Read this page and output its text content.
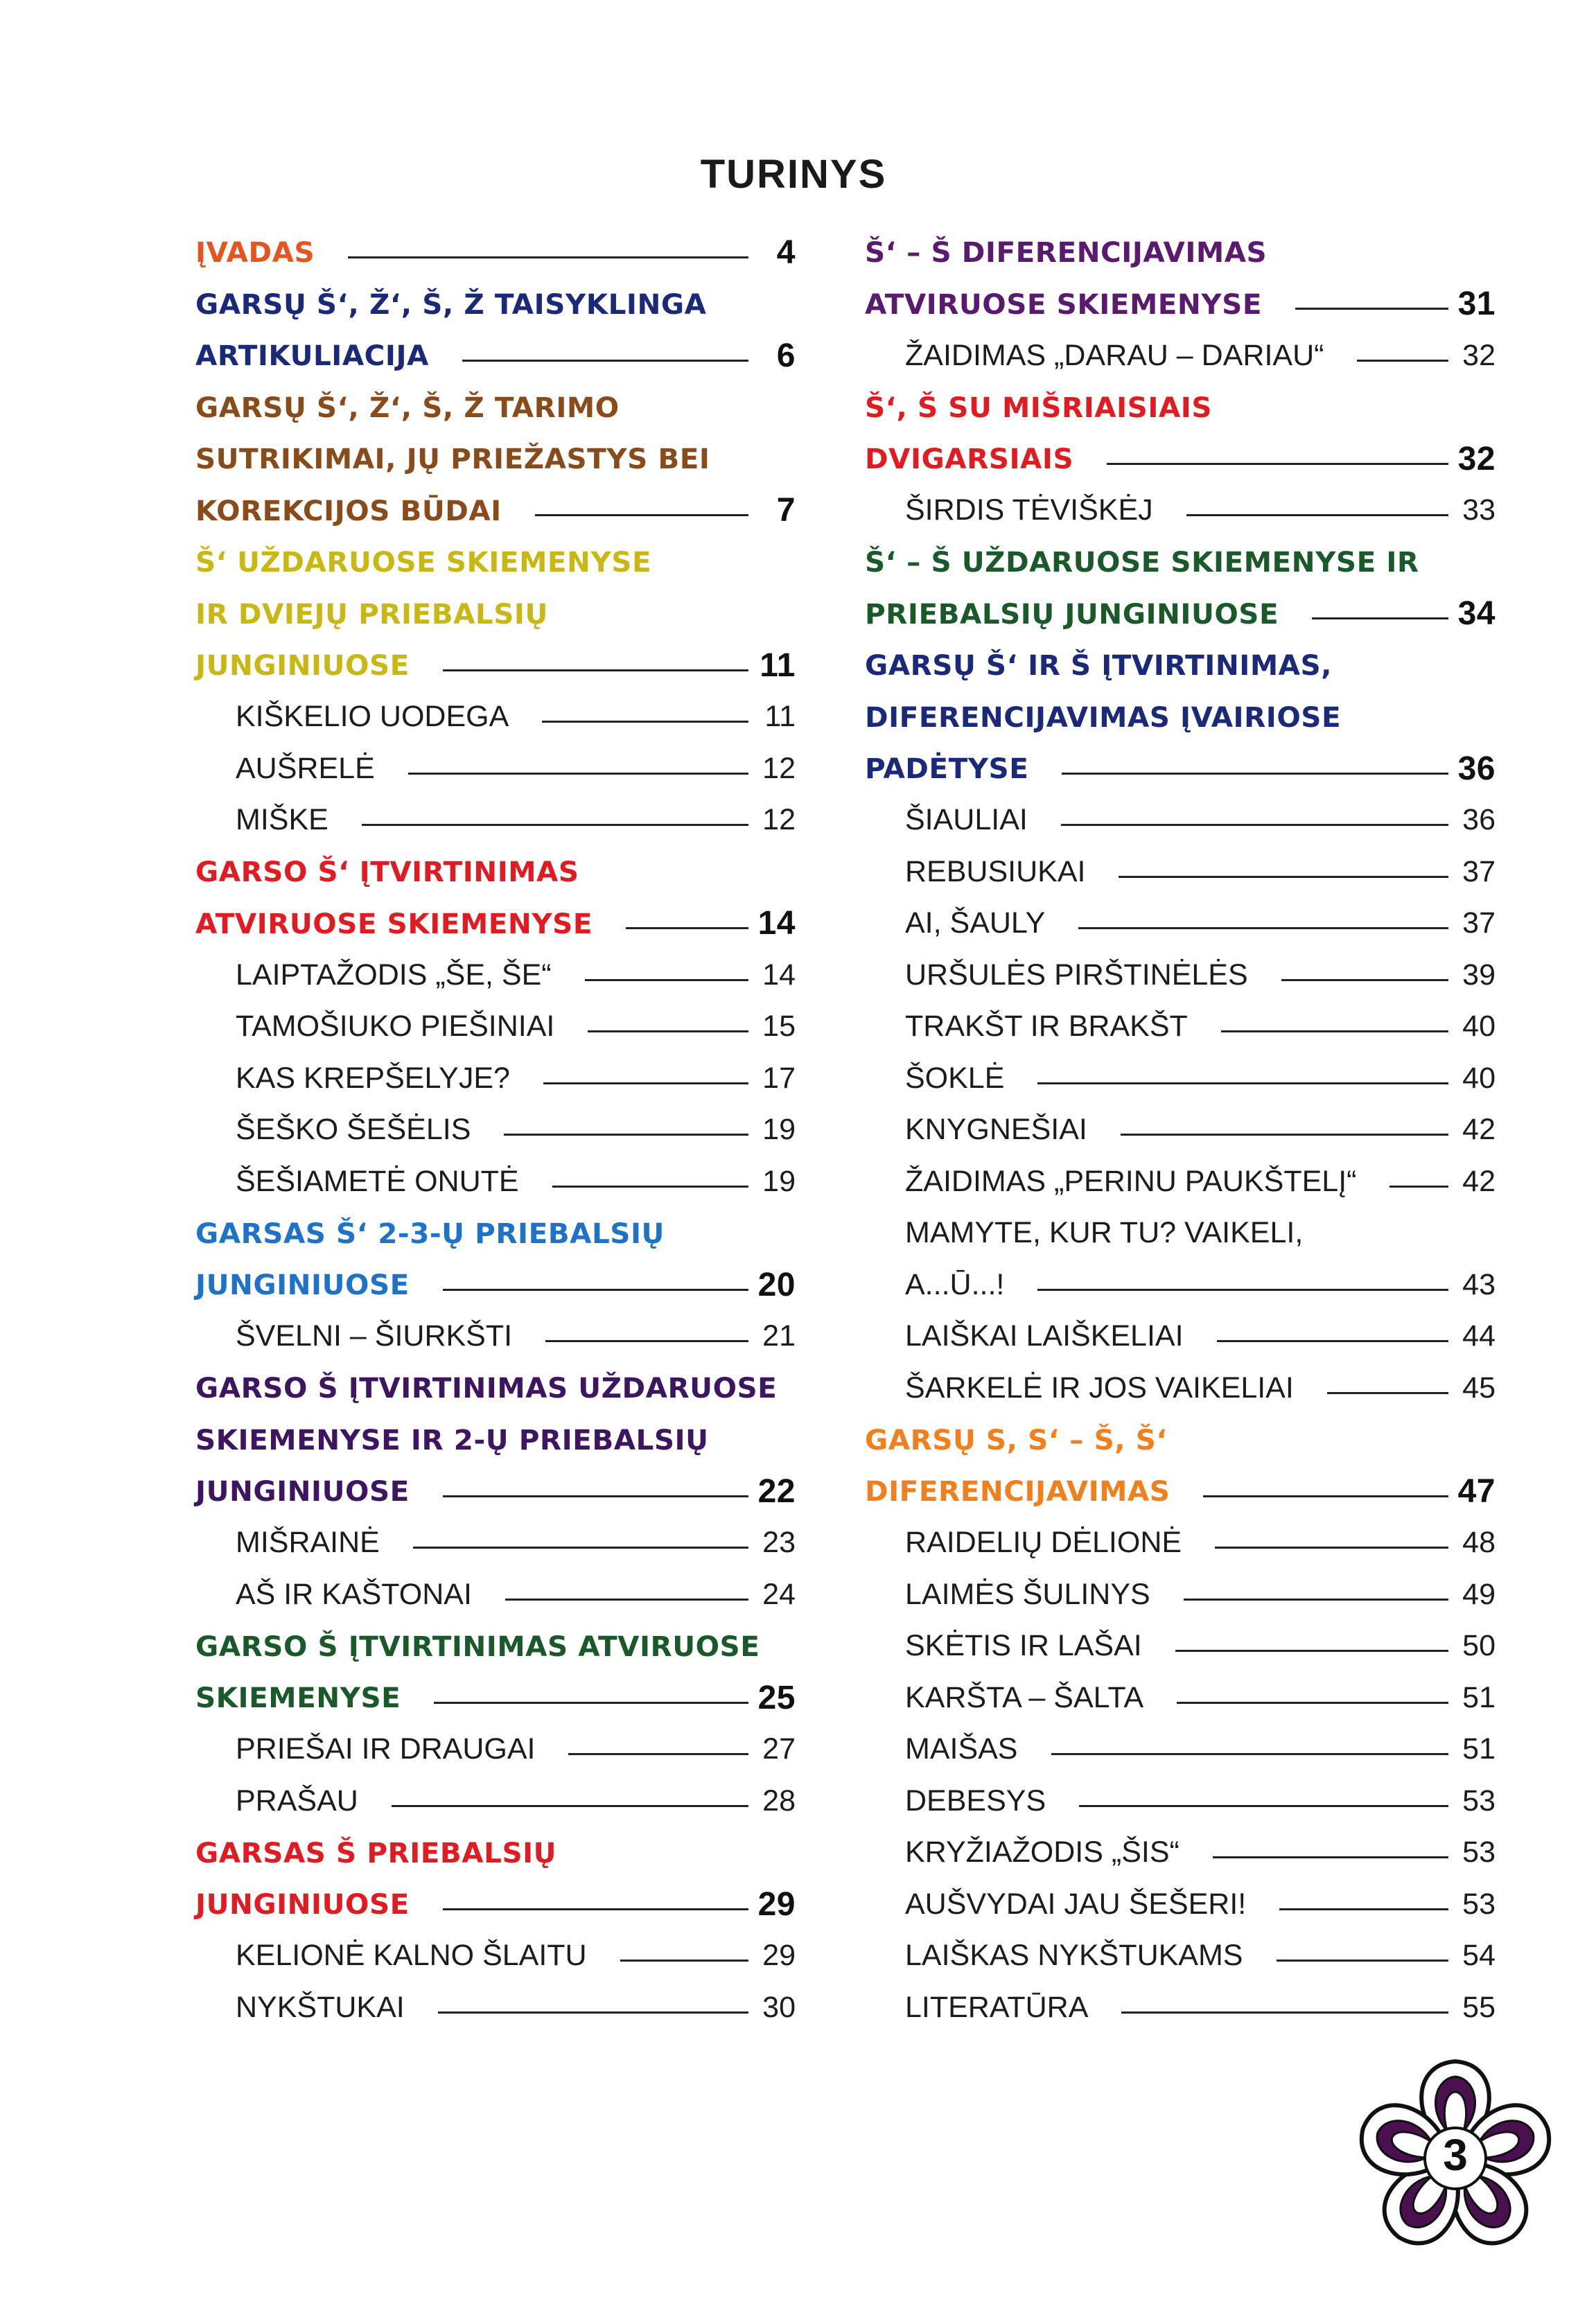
TURINYS
ĮVADAS	4
GARSŲ Š‘, Ž‘, Š, Ž TAISYKLINGA
ARTIKULIACIJA	6
GARSŲ Š‘, Ž‘, Š, Ž TARIMO
SUTRIKIMAI, JŲ PRIEŽASTYS BEI
KOREKCIJOS BŪDAI	7
Š‘ UŽDARUOSE SKIEMENYSE
IR DVIEJŲ PRIEBALSIŲ
JUNGINIUOSE	11
KIŠKELIO UODEGA	11
AUŠRELĖ	12
MIŠKE	12
GARSO Š‘ ĮTVIRTINIMAS
ATVIRUOSE SKIEMENYSE	14
LAIPTAŽODIS „ŠE, ŠE“	14
TAMOŠIUKO PIEŠINIAI	15
KAS KREPŠELYJE?	17
ŠEŠKO ŠEŠĖLIS	19
ŠEŠIAMETĖ ONUTĖ	19
GARSAS Š‘ 2-3-Ų PRIEBALSIŲ
JUNGINIUOSE	20
ŠVELNI – ŠIURKŠTI	21
GARSO Š ĮTVIRTINIMAS UŽDARUOSE
SKIEMENYSE IR 2-Ų PRIEBALSIŲ
JUNGINIUOSE	22
MIŠRAINĖ	23
AŠ IR KAŠTONAI	24
GARSO Š ĮTVIRTINIMAS ATVIRUOSE
SKIEMENYSE	25
PRIEŠAI IR DRAUGAI	27
PRAŠAU	28
GARSAS Š PRIEBALSIŲ
JUNGINIUOSE	29
KELIONĖ KALNO ŠLAITU	29
NYKŠTUKAI	30
Š‘ – Š DIFERENCIJAVIMAS
ATVIRUOSE SKIEMENYSE	31
ŽAIDIMAS „DARAU – DARIAU“	32
Š‘, Š SU MIŠRIAISIAIS
DVIGARSIAIS	32
ŠIRDIS TĖVIŠKĖJ	33
Š‘ – Š UŽDARUOSE SKIEMENYSE IR
PRIEBALSIŲ JUNGINIUOSE	34
GARSŲ Š‘ IR Š ĮTVIRTINIMAS,
DIFERENCIJAVIMAS ĮVAIRIOSE
PADĖTYSE	36
ŠIAULIAI	36
REBUSIUKAI	37
AI, ŠAULY	37
URŠULĖS PIRŠTINĖLĖS	39
TRAKŠT IR BRAKŠT	40
ŠOKLĖ	40
KNYGNEŠIAI	42
ŽAIDIMAS „PERINU PAUKŠTELĮ“	42
MAMYTE, KUR TU? VAIKELI,
A...Ū...!	43
LAIŠKAI LAIŠKELIAI	44
ŠARKELĖ IR JOS VAIKELIAI	45
GARSŲ S, S‘ – Š, Š‘
DIFERENCIJAVIMAS	47
RAIDELIŲ DĖLIONĖ	48
LAIMĖS ŠULINYS	49
SKĖTIS IR LAŠAI	50
KARŠTA – ŠALTA	51
MAIŠAS	51
DEBESYS	53
KRYŽIAŽODIS „ŠIS“	53
AUŠVYDAI JAU ŠEŠERI!	53
LAIŠKAS NYKŠTUKAMS	54
LITERATŪRA	55
3
